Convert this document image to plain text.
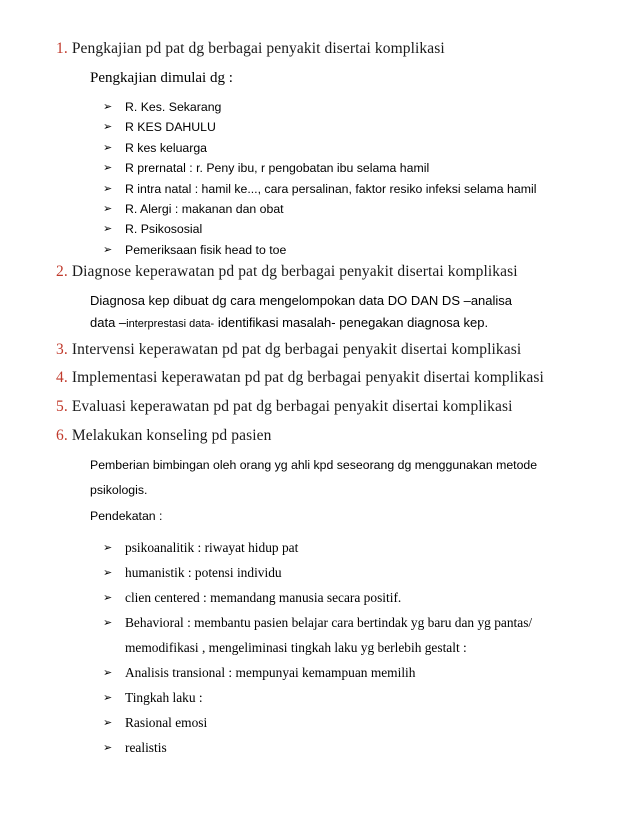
1. Pengkajian pd pat dg berbagai penyakit disertai komplikasi
Pengkajian dimulai dg :
➢ R. Kes. Sekarang
➢ R KES DAHULU
➢ R kes keluarga
➢ R prernatal : r. Peny ibu, r pengobatan ibu selama hamil
➢ R intra natal : hamil ke..., cara persalinan, faktor resiko infeksi selama hamil
➢ R. Alergi : makanan dan obat
➢ R. Psikososial
➢ Pemeriksaan fisik head to toe
2. Diagnose keperawatan pd pat dg berbagai penyakit disertai komplikasi
Diagnosa kep dibuat dg cara mengelompokan data DO DAN DS –analisa
data –interprestasi data- identifikasi masalah- penegakan diagnosa kep.
3. Intervensi keperawatan pd pat dg berbagai penyakit disertai komplikasi
4. Implementasi keperawatan pd pat dg berbagai penyakit disertai komplikasi
5. Evaluasi keperawatan pd pat dg berbagai penyakit disertai komplikasi
6. Melakukan konseling pd pasien
Pemberian bimbingan oleh orang yg ahli kpd seseorang dg menggunakan metode
psikologis.
Pendekatan :
➢ psikoanalitik : riwayat hidup pat
➢ humanistik : potensi individu
➢ clien centered : memandang manusia secara positif.
➢ Behavioral : membantu pasien belajar cara bertindak yg baru dan yg pantas/
memodifikasi , mengeliminasi tingkah laku yg berlebih gestalt :
➢ Analisis transional : mempunyai kemampuan memilih
➢ Tingkah laku :
➢ Rasional emosi
➢ realistis
